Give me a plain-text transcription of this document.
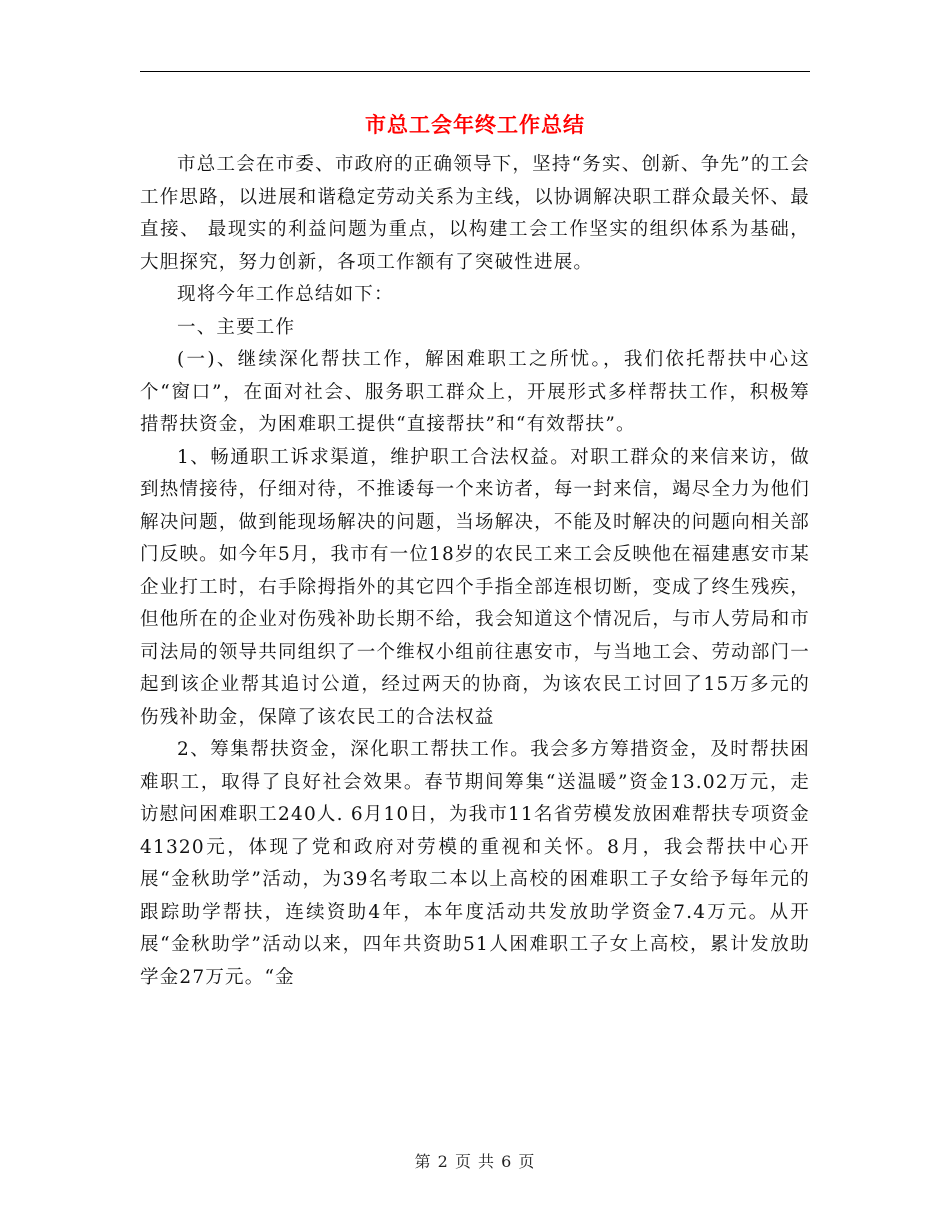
市总工会年终工作总结

市总工会在市委、市政府的正确领导下，坚持“务实、创新、争先”的工会工作思路，以进展和谐稳定劳动关系为主线，以协调解决职工群众最关怀、最直接、 最现实的利益问题为重点，以构建工会工作坚实的组织体系为基础，大胆探究，努力创新，各项工作额有了突破性进展。

现将今年工作总结如下：

一、主要工作

(一)、继续深化帮扶工作，解困难职工之所忧。，我们依托帮扶中心这个“窗口”，在面对社会、服务职工群众上，开展形式多样帮扶工作，积极筹措帮扶资金，为困难职工提供“直接帮扶”和“有效帮扶”。

1、畅通职工诉求渠道，维护职工合法权益。对职工群众的来信来访，做到热情接待，仔细对待，不推诿每一个来访者，每一封来信，竭尽全力为他们解决问题，做到能现场解决的问题，当场解决，不能及时解决的问题向相关部门反映。如今年5月，我市有一位18岁的农民工来工会反映他在福建惠安市某企业打工时，右手除拇指外的其它四个手指全部连根切断，变成了终生残疾，但他所在的企业对伤残补助长期不给，我会知道这个情况后，与市人劳局和市司法局的领导共同组织了一个维权小组前往惠安市，与当地工会、劳动部门一起到该企业帮其追讨公道，经过两天的协商，为该农民工讨回了15万多元的伤残补助金，保障了该农民工的合法权益

2、筹集帮扶资金，深化职工帮扶工作。我会多方筹措资金，及时帮扶困难职工，取得了良好社会效果。春节期间筹集“送温暖”资金13.02万元，走访慰问困难职工240人. 6月10日，为我市11名省劳模发放困难帮扶专项资金41320元，体现了党和政府对劳模的重视和关怀。8月，我会帮扶中心开展“金秋助学”活动，为39名考取二本以上高校的困难职工子女给予每年元的跟踪助学帮扶，连续资助4年，本年度活动共发放助学资金7.4万元。从开展“金秋助学”活动以来，四年共资助51人困难职工子女上高校，累计发放助学金27万元。“金

第 2 页 共 6 页
